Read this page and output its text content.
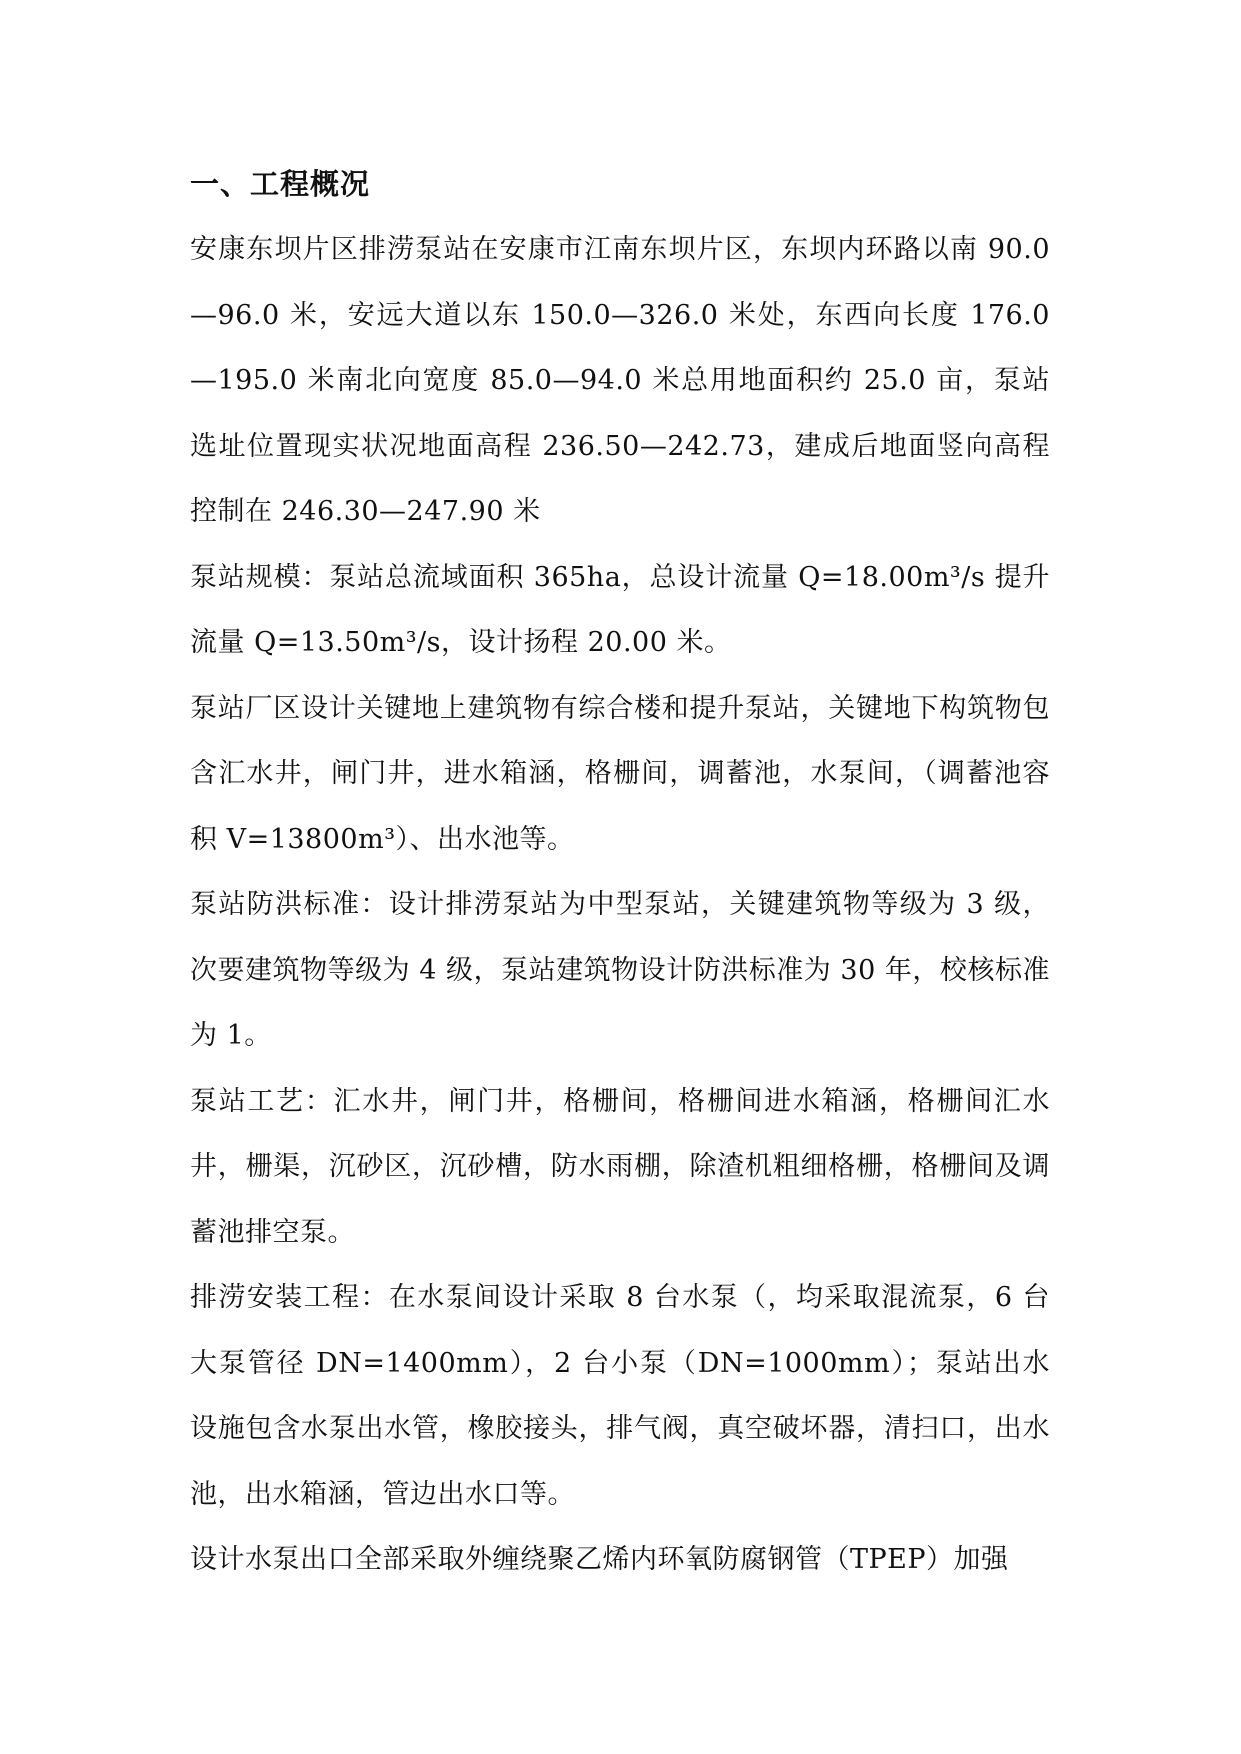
一、工程概况

安康东坝片区排涝泵站在安康市江南东坝片区，东坝内环路以南 90.0—96.0 米，安远大道以东 150.0—326.0 米处，东西向长度 176.0—195.0 米南北向宽度 85.0—94.0 米总用地面积约 25.0 亩，泵站选址位置现实状况地面高程 236.50—242.73，建成后地面竖向高程控制在 246.30—247.90 米

泵站规模：泵站总流域面积 365ha，总设计流量 Q=18.00m³/s 提升流量 Q=13.50m³/s，设计扬程 20.00 米。

泵站厂区设计关键地上建筑物有综合楼和提升泵站，关键地下构筑物包含汇水井，闸门井，进水箱涵，格栅间，调蓄池，水泵间，（调蓄池容积 V=13800m³）、出水池等。

泵站防洪标准：设计排涝泵站为中型泵站，关键建筑物等级为 3 级，次要建筑物等级为 4 级，泵站建筑物设计防洪标准为 30 年，校核标准为 1。

泵站工艺：汇水井，闸门井，格栅间，格栅间进水箱涵，格栅间汇水井，栅渠，沉砂区，沉砂槽，防水雨棚，除渣机粗细格栅，格栅间及调蓄池排空泵。

排涝安装工程：在水泵间设计采取 8 台水泵（，均采取混流泵，6 台大泵管径 DN=1400mm），2 台小泵（DN=1000mm）；泵站出水设施包含水泵出水管，橡胶接头，排气阀，真空破坏器，清扫口，出水池，出水箱涵，管边出水口等。

设计水泵出口全部采取外缠绕聚乙烯内环氧防腐钢管（TPEP）加强
